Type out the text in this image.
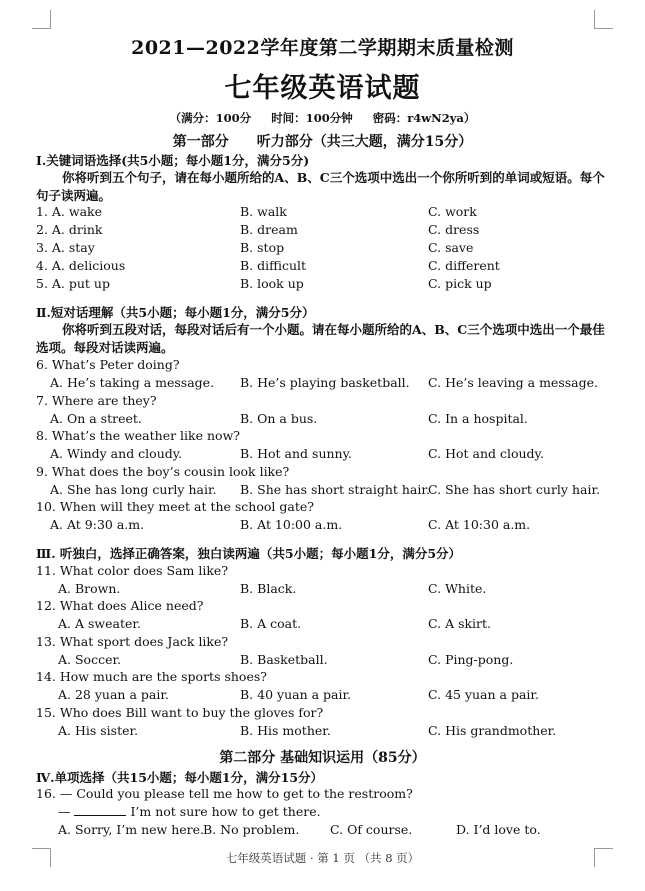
2021—2022学年度第二学期期末质量检测
七年级英语试题
（满分：100分 时间：100分钟 密码：r4wN2ya）
第一部分　　听力部分（共三大题，满分15分）
Ⅰ.关键词语选择(共5小题；每小题1分，满分5分)
你将听到五个句子，请在每小题所给的A、B、C三个选项中选出一个你所听到的单词或短语。每个句子读两遍。
1. A. wake	B. walk	C. work
2. A. drink	B. dream	C. dress
3. A. stay	B. stop	C. save
4. A. delicious	B. difficult	C. different
5. A. put up	B. look up	C. pick up
Ⅱ.短对话理解（共5小题；每小题1分，满分5分）
你将听到五段对话，每段对话后有一个小题。请在每小题所给的A、B、C三个选项中选出一个最佳选项。每段对话读两遍。
6. What’s Peter doing?
A. He’s taking a message. B. He’s playing basketball. C. He’s leaving a message.
7. Where are they?
A. On a street.	B. On a bus.	C. In a hospital.
8. What’s the weather like now?
A. Windy and cloudy.	B. Hot and sunny.	C. Hot and cloudy.
9. What does the boy’s cousin look like?
A. She has long curly hair. B. She has short straight hair.
C. She has short curly hair.
10. When will they meet at the school gate?
A. At 9:30 a.m.	B. At 10:00 a.m.	C. At 10:30 a.m.
Ⅲ. 听独白，选择正确答案，独白读两遍（共5小题；每小题1分，满分5分）
11. What color does Sam like?
A. Brown.	B. Black.	C. White.
12. What does Alice need?
A. A sweater.	B. A coat.	C. A skirt.
13. What sport does Jack like?
A. Soccer.	B. Basketball.	C. Ping-pong.
14. How much are the sports shoes?
A. 28 yuan a pair.	B. 40 yuan a pair.	C. 45 yuan a pair.
15. Who does Bill want to buy the gloves for?
A. His sister.	B. His mother.	C. His grandmother.
第二部分 基础知识运用（85分）
Ⅳ.单项选择（共15小题；每小题1分，满分15分）
16. — Could you please tell me how to get to the restroom?
—	I’m not sure how to get there.
A. Sorry, I’m new here.
B. No problem. C. Of course.	D. I’d love to.
七年级英语试题 · 第 1 页 （共 8 页）
